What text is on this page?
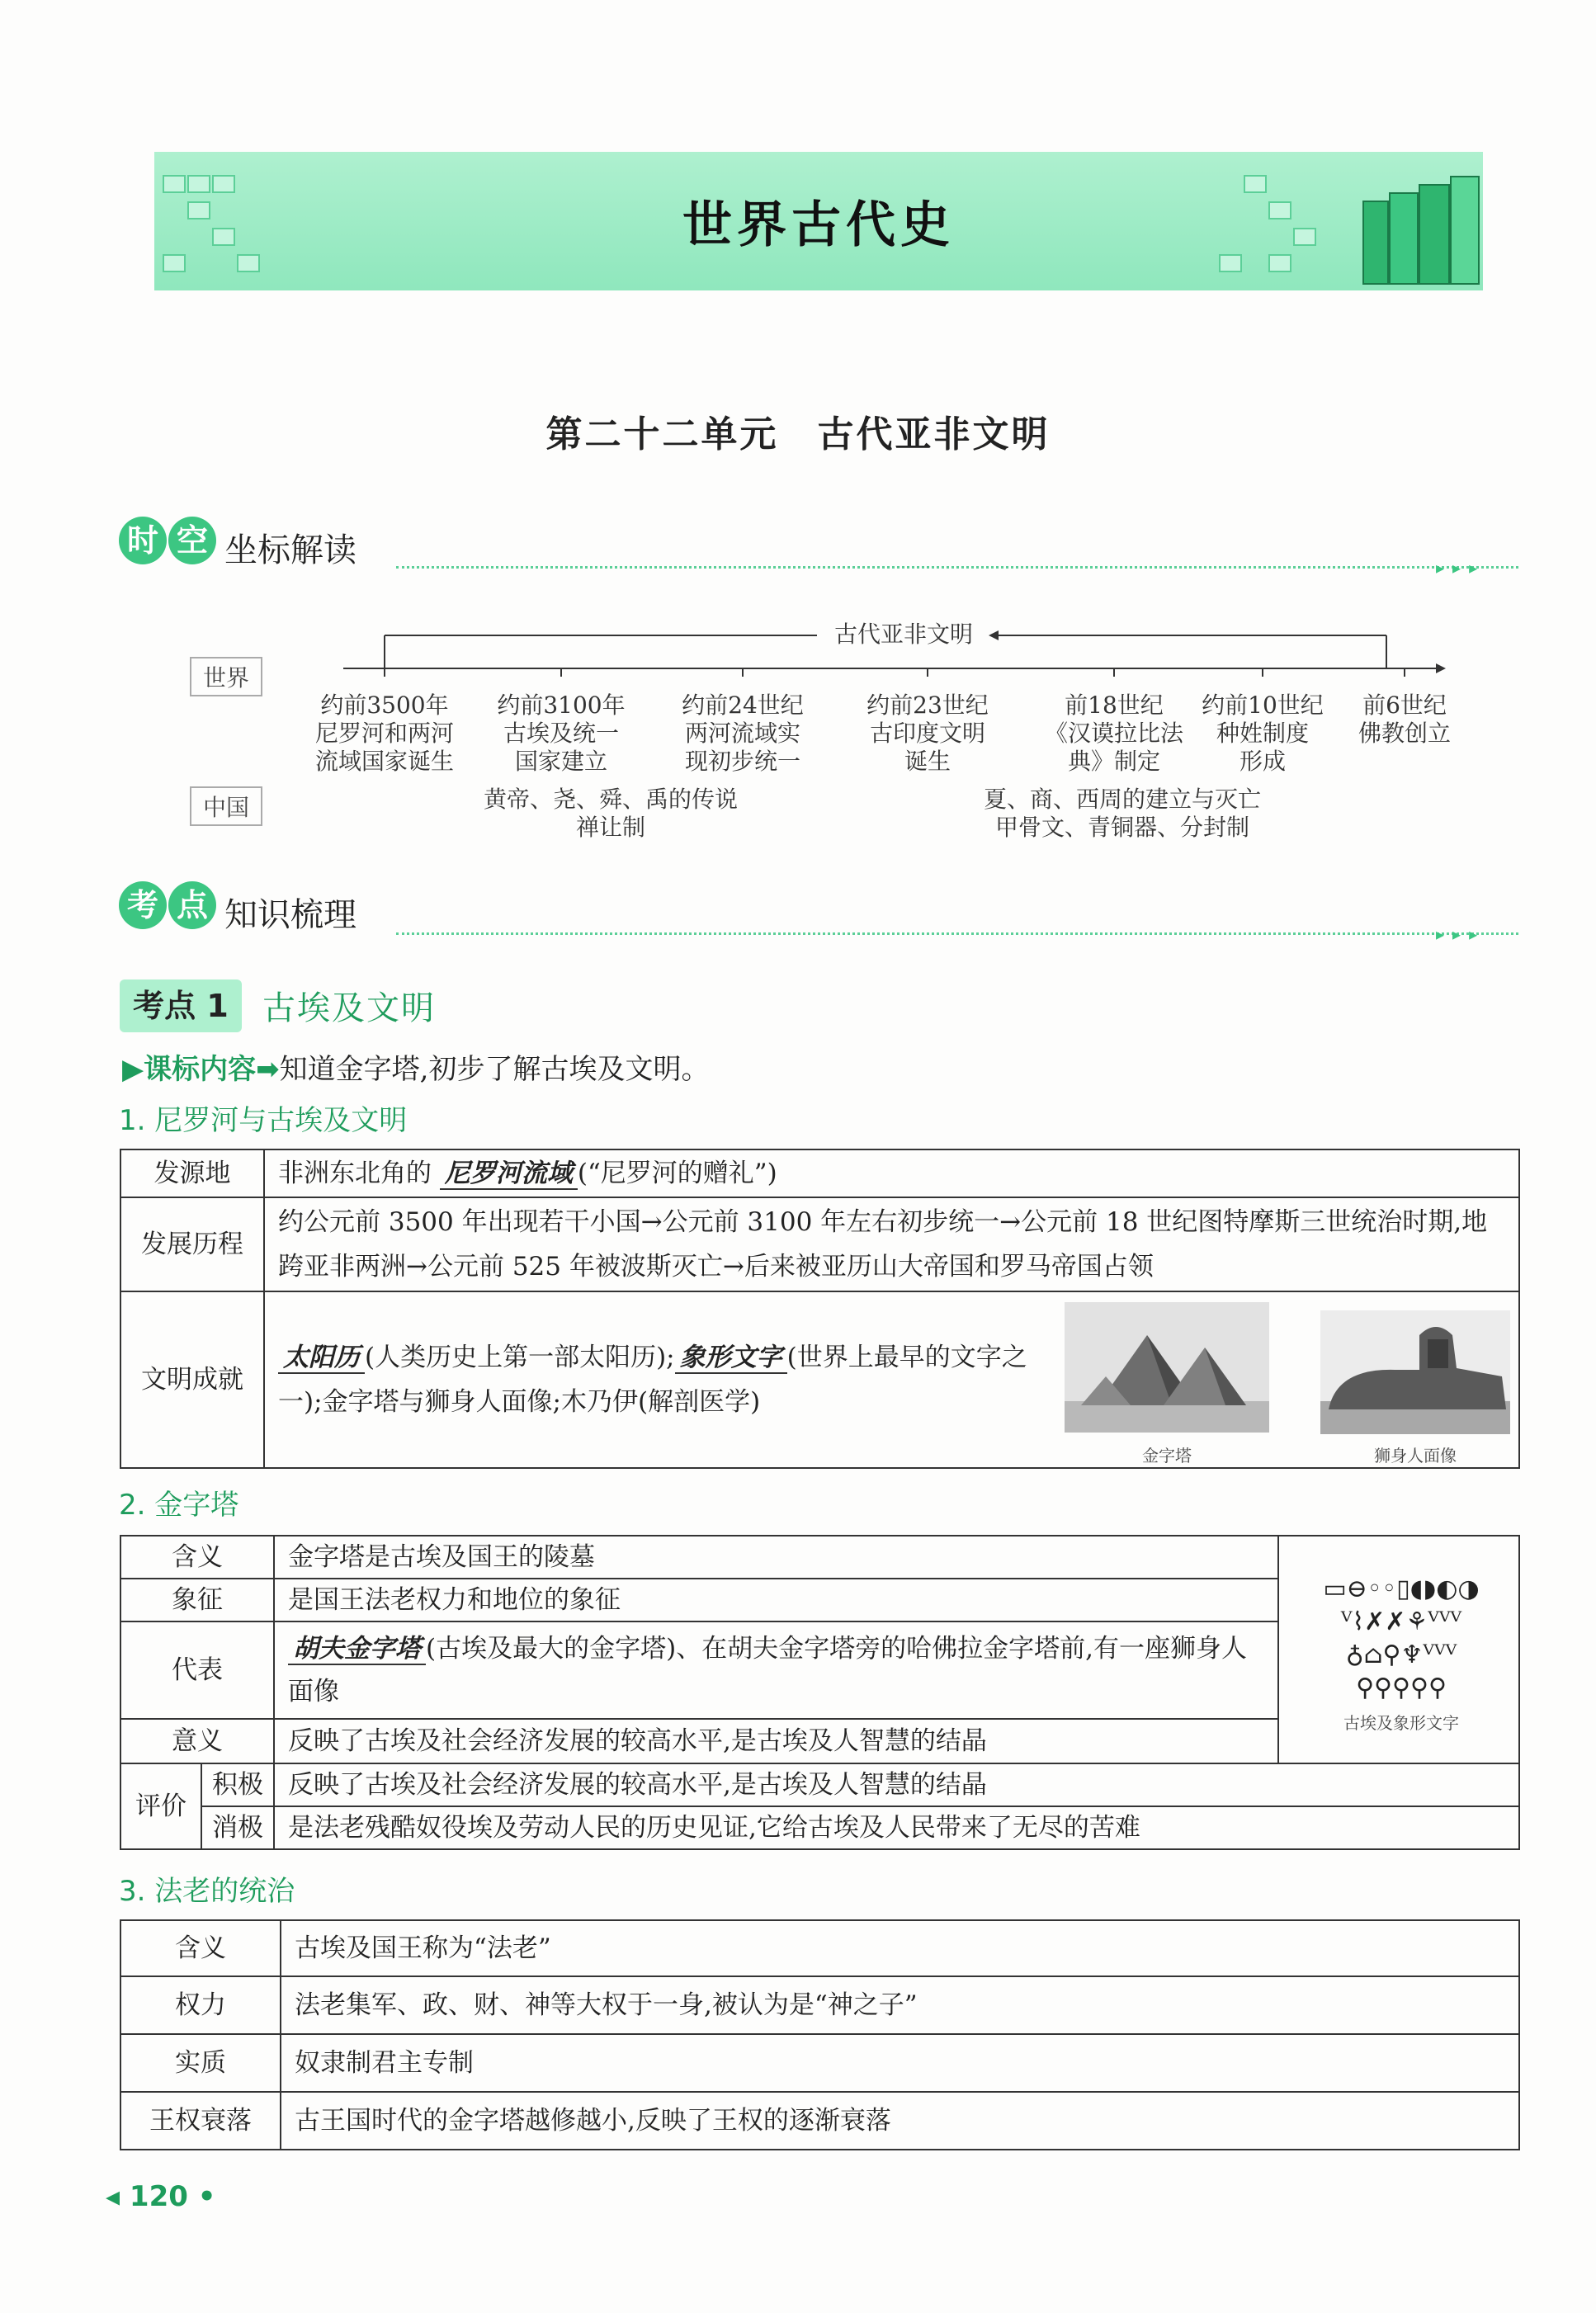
世界古代史
第二十二单元　古代亚非文明
时 空 坐标解读	▸▸▸
古代亚非文明
世界
中国
约前3500年
尼罗河和两河
流域国家诞生
约前3100年
古埃及统一
国家建立
约前24世纪
两河流域实
现初步统一
约前23世纪
古印度文明
诞生
前18世纪
《汉谟拉比法
典》制定
约前10世纪
种姓制度
形成
前6世纪
佛教创立
黄帝、尧、舜、禹的传说
禅让制
夏、商、西周的建立与灭亡
甲骨文、青铜器、分封制
考 点 知识梳理	▸▸▸
考点 1	古埃及文明
▶课标内容➡知道金字塔,初步了解古埃及文明。
1. 尼罗河与古埃及文明
发源地	非洲东北角的 尼罗河流域 (“尼罗河的赠礼”)
发展历程	约公元前 3500 年出现若干小国→公元前 3100 年左右初步统一→公元前 18 世纪图特摩斯三世统治时期,地跨亚非两洲→公元前 525 年被波斯灭亡→后来被亚历山大帝国和罗马帝国占领
文明成就	太阳历 (人类历史上第一部太阳历); 象形文字 (世界上最早的文字之一);金字塔与狮身人面像;木乃伊(解剖医学)
金字塔	狮身人面像
2. 金字塔
含义		金字塔是古埃及国王的陵墓	
象征		是国王法老权力和地位的象征	
代表		胡夫金字塔 (古埃及最大的金字塔)、在胡夫金字塔旁的哈佛拉金字塔前,有一座狮身人面像	
意义		反映了古埃及社会经济发展的较高水平,是古埃及人智慧的结晶	
评价	积极	反映了古埃及社会经济发展的较高水平,是古埃及人智慧的结晶	
	消极	是法老残酷奴役埃及劳动人民的历史见证,它给古埃及人民带来了无尽的苦难	
▭⊖◦◦▯◖◗◐◑
ⱽ⌇✗✗⚘ⱽⱽⱽ
♁⌂⚲♆ⱽⱽⱽ
⚲⚲⚲⚲⚲
古埃及象形文字
3. 法老的统治
含义	古埃及国王称为“法老”
权力	法老集军、政、财、神等大权于一身,被认为是“神之子”
实质	奴隶制君主专制
王权衰落	古王国时代的金字塔越修越小,反映了王权的逐渐衰落
◂ 120 •
